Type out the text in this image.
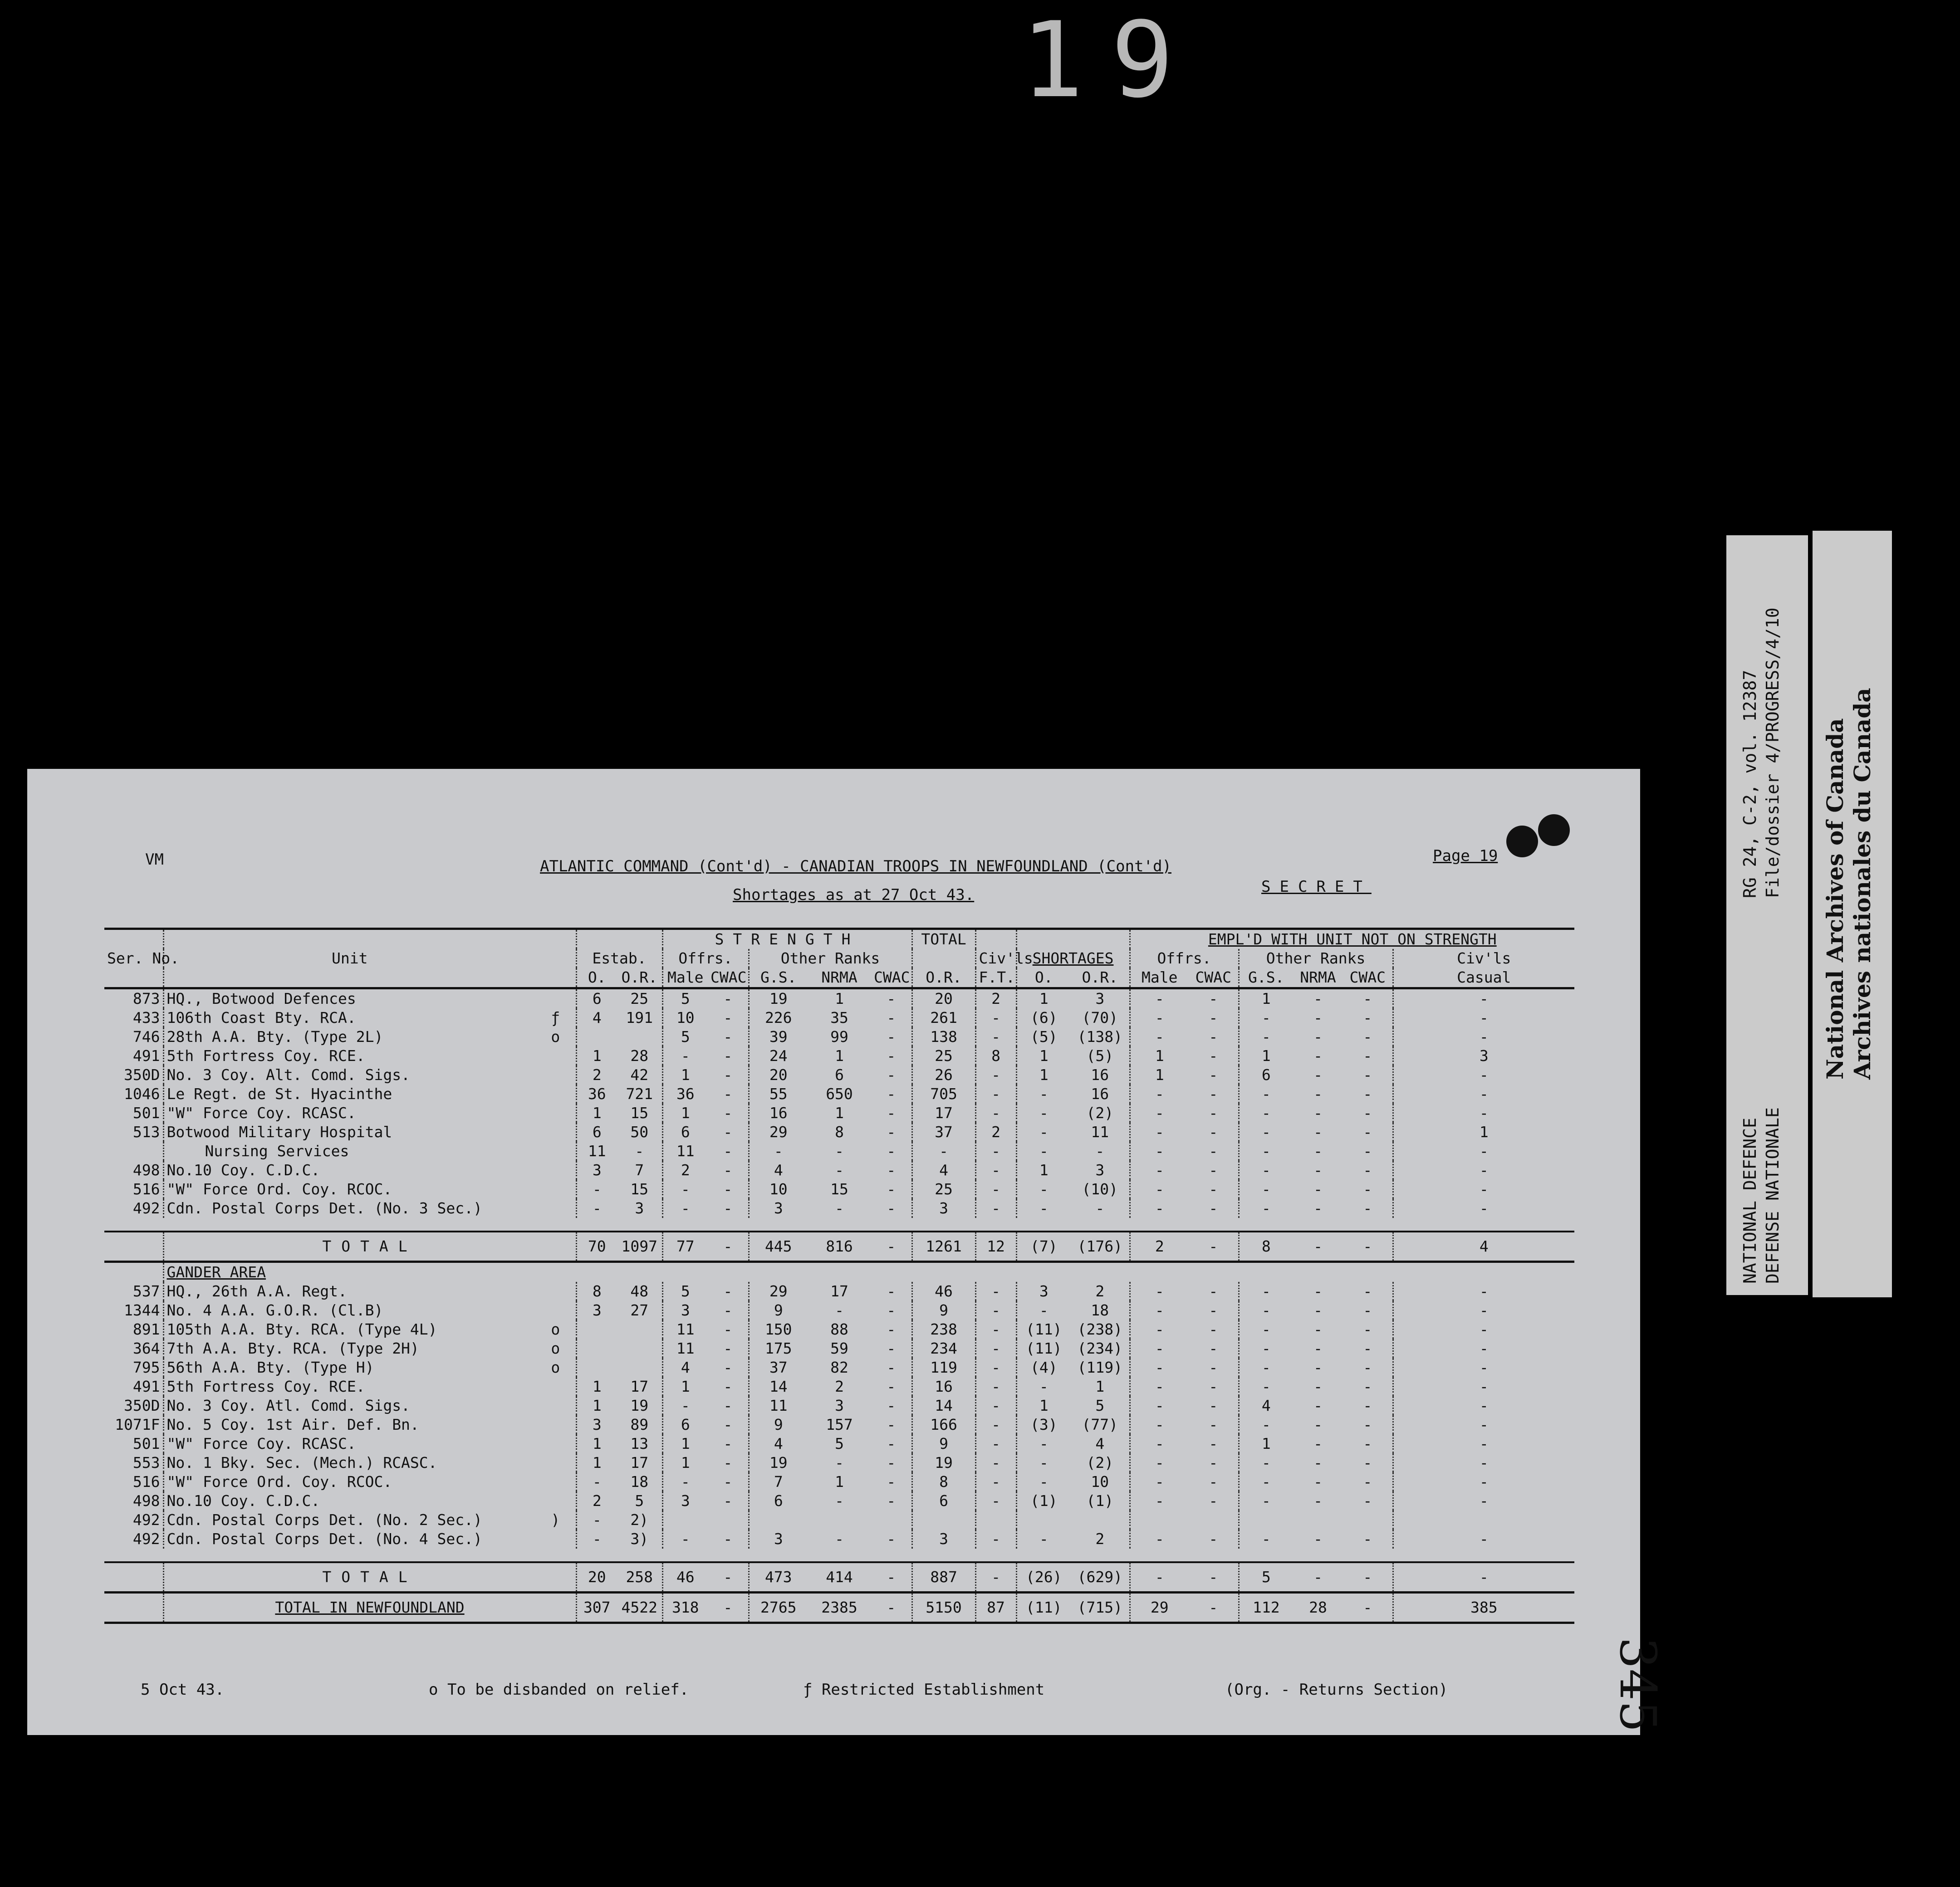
19
VM	ATLANTIC COMMAND (Cont'd) - CANADIAN TROOPS IN NEWFOUNDLAND (Cont'd)
Shortages as at 27 Oct 43.
Page 19
SECRET
					STRENGTH					TOTAL				EMPL'D WITH UNIT NOT ON STRENGTH					
Ser. No.	Unit		Estab.		Offrs.		Other Ranks				Civ'ls	SHORTAGES		Offrs.		Other Ranks			Civ'ls
			O.	O.R.	Male	CWAC	G.S.	NRMA	CWAC	O.R.	F.T.	O.	O.R.	Male	CWAC	G.S.	NRMA	CWAC	Casual
873	HQ., Botwood Defences		6	25	5	-	19	1	-	20	2	1	3	-	-	1	-	-	-
433	106th Coast Bty. RCA.	ƒ	4	191	10	-	226	35	-	261	-	(6)	(70)	-	-	-	-	-	-
746	28th A.A. Bty. (Type 2L)	o			5	-	39	99	-	138	-	(5)	(138)	-	-	-	-	-	-
491	5th Fortress Coy. RCE.		1	28	-	-	24	1	-	25	8	1	(5)	1	-	1	-	-	3
350D	No. 3 Coy. Alt. Comd. Sigs.		2	42	1	-	20	6	-	26	-	1	16	1	-	6	-	-	-
1046	Le Regt. de St. Hyacinthe		36	721	36	-	55	650	-	705	-	-	16	-	-	-	-	-	-
501	"W" Force Coy. RCASC.		1	15	1	-	16	1	-	17	-	-	(2)	-	-	-	-	-	-
513	Botwood Military Hospital		6	50	6	-	29	8	-	37	2	-	11	-	-	-	-	-	1
	Nursing Services		11	-	11	-	-	-	-	-	-	-	-	-	-	-	-	-	-
498	No.10 Coy. C.D.C.		3	7	2	-	4	-	-	4	-	1	3	-	-	-	-	-	-
516	"W" Force Ord. Coy. RCOC.		-	15	-	-	10	15	-	25	-	-	(10)	-	-	-	-	-	-
492	Cdn. Postal Corps Det. (No. 3 Sec.)		-	3	-	-	3	-	-	3	-	-	-	-	-	-	-	-	-

	TOTAL		70	1097	77	-	445	816	-	1261	12	(7)	(176)	2	-	8	-	-	4
	GANDER AREA																		
537	HQ., 26th A.A. Regt.		8	48	5	-	29	17	-	46	-	3	2	-	-	-	-	-	-
1344	No. 4 A.A. G.O.R. (Cl.B)		3	27	3	-	9	-	-	9	-	-	18	-	-	-	-	-	-
891	105th A.A. Bty. RCA. (Type 4L)	o			11	-	150	88	-	238	-	(11)	(238)	-	-	-	-	-	-
364	7th A.A. Bty. RCA. (Type 2H)	o			11	-	175	59	-	234	-	(11)	(234)	-	-	-	-	-	-
795	56th A.A. Bty. (Type H)	o			4	-	37	82	-	119	-	(4)	(119)	-	-	-	-	-	-
491	5th Fortress Coy. RCE.		1	17	1	-	14	2	-	16	-	-	1	-	-	-	-	-	-
350D	No. 3 Coy. Atl. Comd. Sigs.		1	19	-	-	11	3	-	14	-	1	5	-	-	4	-	-	-
1071F	No. 5 Coy. 1st Air. Def. Bn.		3	89	6	-	9	157	-	166	-	(3)	(77)	-	-	-	-	-	-
501	"W" Force Coy. RCASC.		1	13	1	-	4	5	-	9	-	-	4	-	-	1	-	-	-
553	No. 1 Bky. Sec. (Mech.) RCASC.		1	17	1	-	19	-	-	19	-	-	(2)	-	-	-	-	-	-
516	"W" Force Ord. Coy. RCOC.		-	18	-	-	7	1	-	8	-	-	10	-	-	-	-	-	-
498	No.10 Coy. C.D.C.		2	5	3	-	6	-	-	6	-	(1)	(1)	-	-	-	-	-	-
492	Cdn. Postal Corps Det. (No. 2 Sec.)	)	-	2)															
492	Cdn. Postal Corps Det. (No. 4 Sec.)		-	3)	-	-	3	-	-	3	-	-	2	-	-	-	-	-	-

	TOTAL		20	258	46	-	473	414	-	887	-	(26)	(629)	-	-	5	-	-	-
	TOTAL IN NEWFOUNDLAND		307	4522	318	-	2765	2385	-	5150	87	(11)	(715)	29	-	112	28	-	385
5 Oct 43.	o To be disbanded on relief.	ƒ Restricted Establishment	(Org. - Returns Section)	345
RG 24, C-2, vol. 12387 File/dossier 4/PROGRESS/4/10
NATIONAL DEFENCE DEFENSE NATIONALE
National Archives of Canada Archives nationales du Canada
